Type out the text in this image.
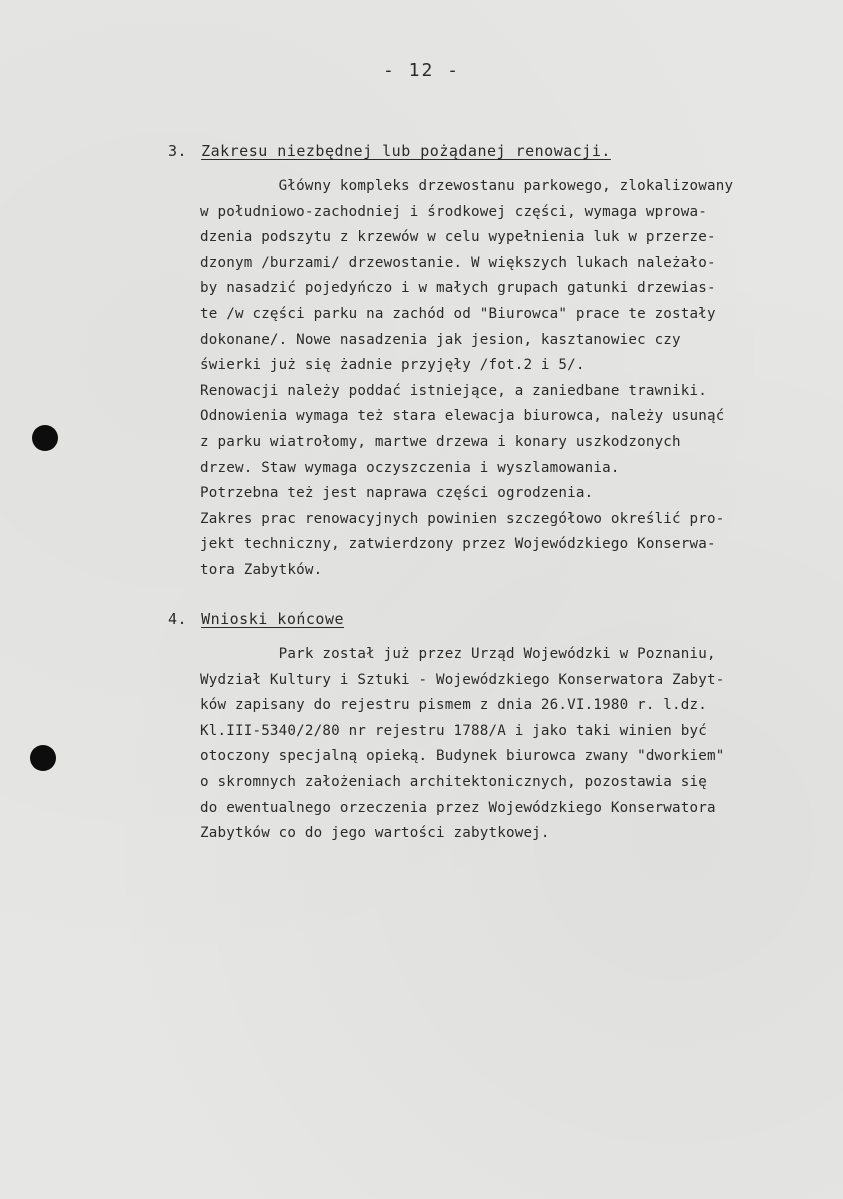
- 12 -
3. Zakresu niezbędnej lub pożądanej renowacji.
Główny kompleks drzewostanu parkowego, zlokalizowany
w południowo-zachodniej i środkowej części, wymaga wprowa-
dzenia podszytu z krzewów w celu wypełnienia luk w przerze-
dzonym /burzami/ drzewostanie. W większych lukach należało-
by nasadzić pojedyńczo i w małych grupach gatunki drzewias-
te /w części parku na zachód od "Biurowca" prace te zostały
dokonane/. Nowe nasadzenia jak jesion, kasztanowiec czy
świerki już się żadnie przyjęły /fot.2 i 5/.
Renowacji należy poddać istniejące, a zaniedbane trawniki.
Odnowienia wymaga też stara elewacja biurowca, należy usunąć
z parku wiatrołomy, martwe drzewa i konary uszkodzonych
drzew. Staw wymaga oczyszczenia i wyszlamowania.
Potrzebna też jest naprawa części ogrodzenia.
Zakres prac renowacyjnych powinien szczegółowo określić pro-
jekt techniczny, zatwierdzony przez Wojewódzkiego Konserwa-
tora Zabytków.
4. Wnioski końcowe
Park został już przez Urząd Wojewódzki w Poznaniu,
Wydział Kultury i Sztuki - Wojewódzkiego Konserwatora Zabyt-
ków zapisany do rejestru pismem z dnia 26.VI.1980 r. l.dz.
Kl.III-5340/2/80 nr rejestru 1788/A i jako taki winien być
otoczony specjalną opieką. Budynek biurowca zwany "dworkiem"
o skromnych założeniach architektonicznych, pozostawia się
do ewentualnego orzeczenia przez Wojewódzkiego Konserwatora
Zabytków co do jego wartości zabytkowej.
